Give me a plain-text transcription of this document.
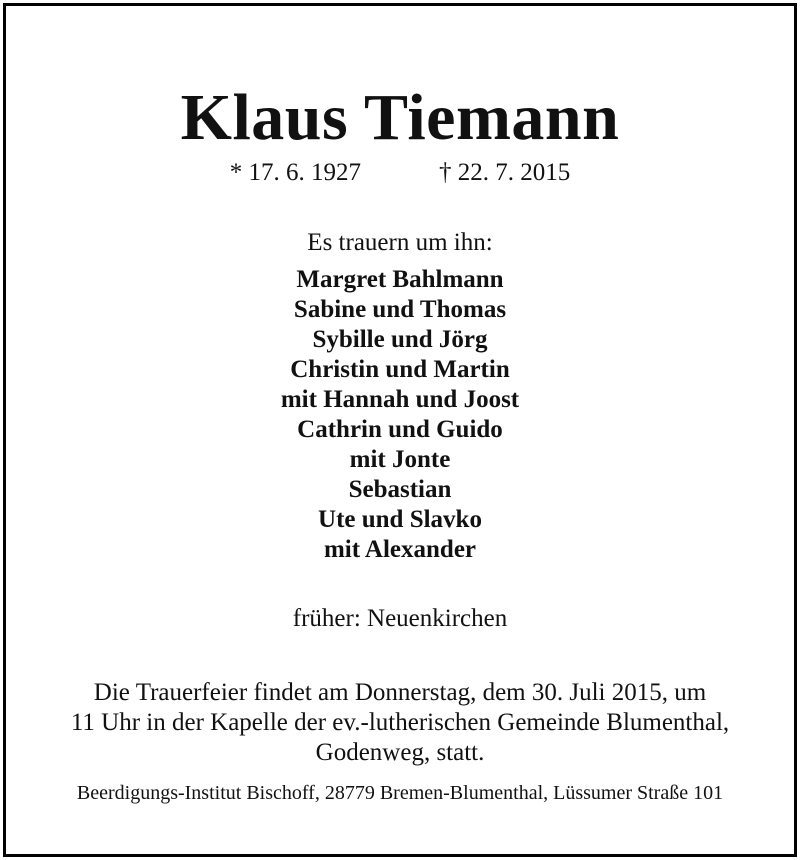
Klaus Tiemann
* 17. 6. 1927	† 22. 7. 2015
Es trauern um ihn:
Margret Bahlmann
Sabine und Thomas
Sybille und Jörg
Christin und Martin
mit Hannah und Joost
Cathrin und Guido
mit Jonte
Sebastian
Ute und Slavko
mit Alexander
früher: Neuenkirchen
Die Trauerfeier findet am Donnerstag, dem 30. Juli 2015, um
11 Uhr in der Kapelle der ev.-lutherischen Gemeinde Blumenthal,
Godenweg, statt.
Beerdigungs-Institut Bischoff, 28779 Bremen-Blumenthal, Lüssumer Straße 101
